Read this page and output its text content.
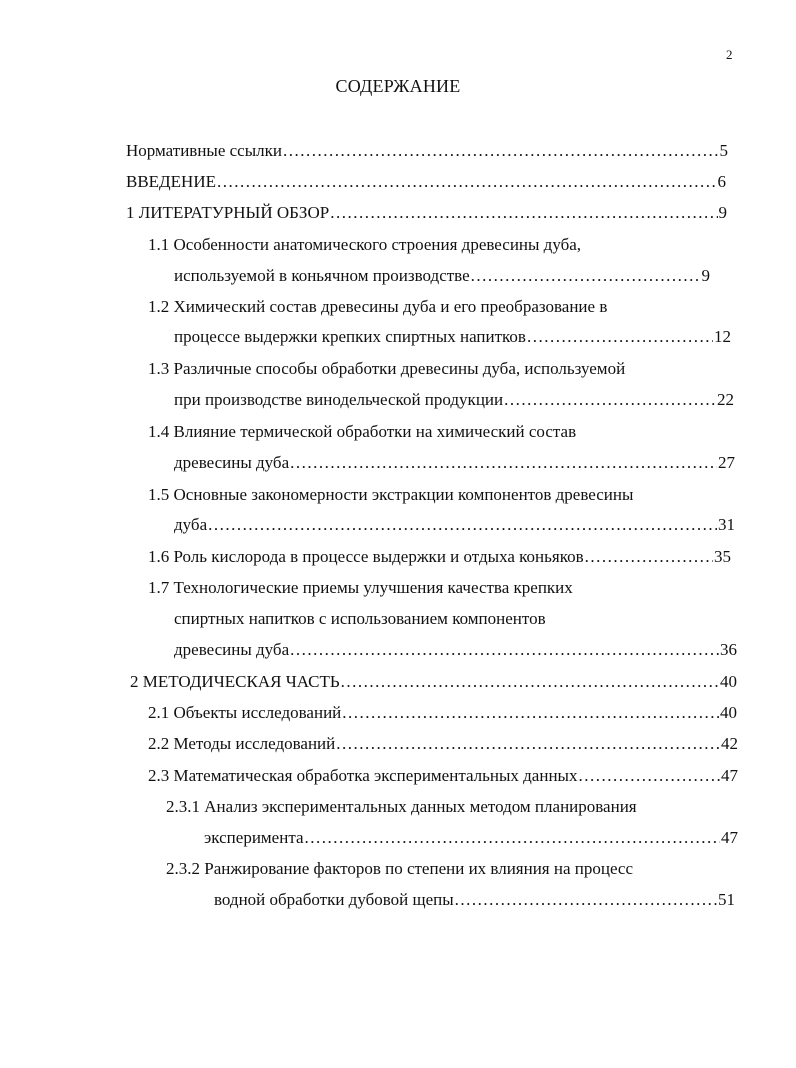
2
СОДЕРЖАНИЕ
Нормативные ссылки .....	5
ВВЕДЕНИЕ .....	6
1 ЛИТЕРАТУРНЫЙ ОБЗОР .....	9
1.1 Особенности анатомического строения древесины дуба,
используемой в коньячном производстве .....	9
1.2 Химический состав древесины дуба и его преобразование в
процессе выдержки крепких спиртных напитков .....	12
1.3 Различные способы обработки древесины дуба, используемой
при производстве винодельческой продукции .....	22
1.4 Влияние термической обработки на химический состав
древесины дуба .....	27
1.5 Основные закономерности экстракции компонентов древесины
дуба .....	31
1.6 Роль кислорода в процессе выдержки и отдыха коньяков .....	35
1.7 Технологические приемы улучшения качества крепких
спиртных напитков с использованием компонентов
древесины дуба .....	36
2 МЕТОДИЧЕСКАЯ ЧАСТЬ .....	40
2.1 Объекты исследований .....	40
2.2 Методы исследований .....	42
2.3 Математическая обработка экспериментальных данных .....	47
2.3.1 Анализ экспериментальных данных методом планирования
эксперимента .....	47
2.3.2 Ранжирование факторов по степени их влияния на процесс
водной обработки дубовой щепы .....	51
